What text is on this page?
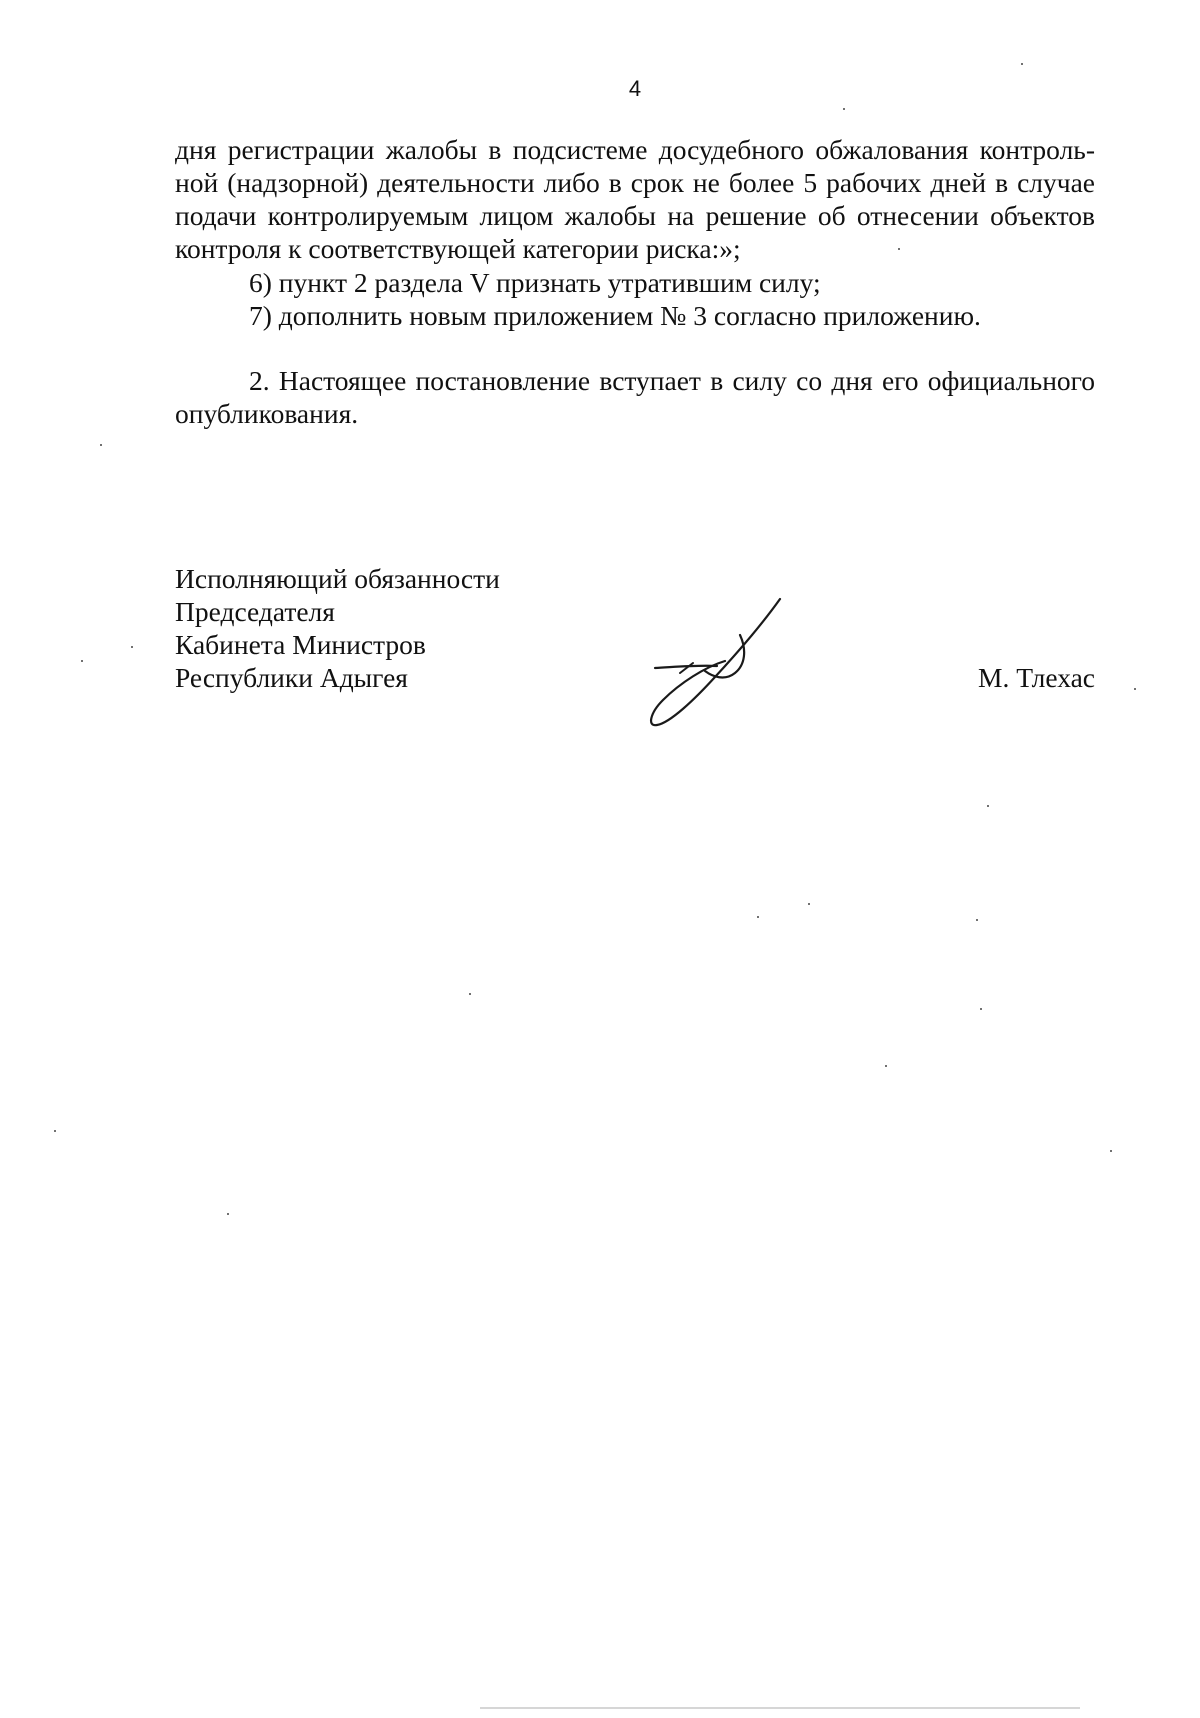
4
дня регистрации жалобы в подсистеме досудебного обжалования контроль-
ной (надзорной) деятельности либо в срок не более 5 рабочих дней в случае
подачи контролируемым лицом жалобы на решение об отнесении объектов
контроля к соответствующей категории риска:»;
6) пункт 2 раздела V признать утратившим силу;
7) дополнить новым приложением № 3 согласно приложению.
2. Настоящее постановление вступает в силу со дня его официального
опубликования.
Исполняющий обязанности
Председателя
Кабинета Министров
Республики Адыгея	М. Тлехас
